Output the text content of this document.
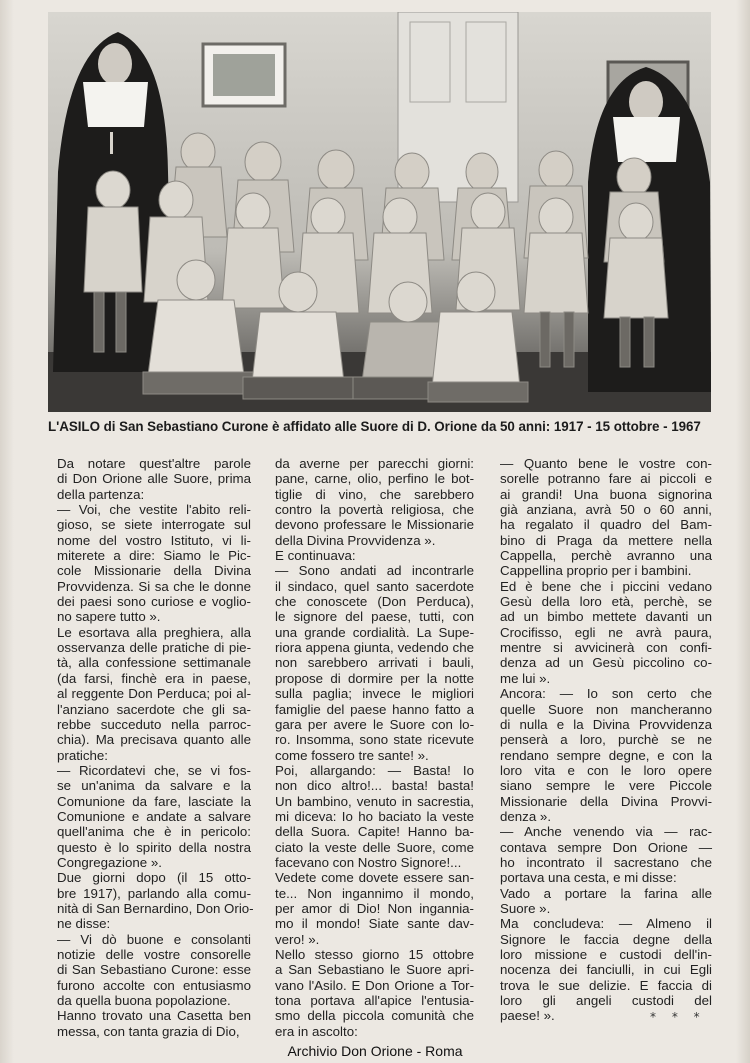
L'ASILO di San Sebastiano Curone è affidato alle Suore di D. Orione da 50 anni: 1917 - 15 ottobre - 1967
Da notare quest'altre parole
di Don Orione alle Suore, prima
della partenza:
— Voi, che vestite l'abito reli-
gioso, se siete interrogate sul
nome del vostro Istituto, vi li-
miterete a dire: Siamo le Pic-
cole Missionarie della Divina
Provvidenza. Si sa che le donne
dei paesi sono curiose e voglio-
no sapere tutto ».
Le esortava alla preghiera, alla
osservanza delle pratiche di pie-
tà, alla confessione settimanale
(da farsi, finchè era in paese,
al reggente Don Perduca; poi al-
l'anziano sacerdote che gli sa-
rebbe succeduto nella parroc-
chia). Ma precisava quanto alle
pratiche:
— Ricordatevi che, se vi fos-
se un'anima da salvare e la
Comunione da fare, lasciate la
Comunione e andate a salvare
quell'anima che è in pericolo:
questo è lo spirito della nostra
Congregazione ».
Due giorni dopo (il 15 otto-
bre 1917), parlando alla comu-
nità di San Bernardino, Don Orio-
ne disse:
— Vi dò buone e consolanti
notizie delle vostre consorelle
di San Sebastiano Curone: esse
furono accolte con entusiasmo
da quella buona popolazione.
Hanno trovato una Casetta ben
messa, con tanta grazia di Dio,
da averne per parecchi giorni:
pane, carne, olio, perfino le bot-
tiglie di vino, che sarebbero
contro la povertà religiosa, che
devono professare le Missionarie
della Divina Provvidenza ».
E continuava:
— Sono andati ad incontrarle
il sindaco, quel santo sacerdote
che conoscete (Don Perduca),
le signore del paese, tutti, con
una grande cordialità. La Supe-
riora appena giunta, vedendo che
non sarebbero arrivati i bauli,
propose di dormire per la notte
sulla paglia; invece le migliori
famiglie del paese hanno fatto a
gara per avere le Suore con lo-
ro. Insomma, sono state ricevute
come fossero tre sante! ».
Poi, allargando: — Basta! Io
non dico altro!... basta! basta!
Un bambino, venuto in sacrestia,
mi diceva: Io ho baciato la veste
della Suora. Capite! Hanno ba-
ciato la veste delle Suore, come
facevano con Nostro Signore!...
Vedete come dovete essere san-
te... Non ingannimo il mondo,
per amor di Dio! Non inganniа-
mo il mondo! Siate sante dav-
vero! ».
Nello stesso giorno 15 ottobre
a San Sebastiano le Suore apri-
vano l'Asilo. E Don Orione a Tor-
tona portava all'apice l'entusia-
smo della piccola comunità che
era in ascolto:
— Quanto bene le vostre con-
sorelle potranno fare ai piccoli e
ai grandi! Una buona signorina
già anziana, avrà 50 o 60 anni,
ha regalato il quadro del Bam-
bino di Praga da mettere nella
Cappella, perchè avranno una
Cappellina proprio per i bambini.
Ed è bene che i piccini vedano
Gesù della loro età, perchè, se
ad un bimbo mettete davanti un
Crocifisso, egli ne avrà paura,
mentre si avvicinerà con confi-
denza ad un Gesù piccolino co-
me lui ».
Ancora: — Io son certo che
quelle Suore non mancheranno
di nulla e la Divina Provvidenza
penserà a loro, purchè se ne
rendano sempre degne, e con la
loro vita e con le loro opere
siano sempre le vere Piccole
Missionarie della Divina Provvi-
denza ».
— Anche venendo via — rac-
contava sempre Don Orione —
ho incontrato il sacrestano che
portava una cesta, e mi disse:
Vado a portare la farina alle
Suore ».
Ma concludeva: — Almeno il
Signore le faccia degne della
loro missione e custodi dell'in-
nocenza dei fanciulli, in cui Egli
trova le sue delizie. E faccia di
loro gli angeli custodi del
paese! ».	* * *
Archivio Don Orione - Roma
